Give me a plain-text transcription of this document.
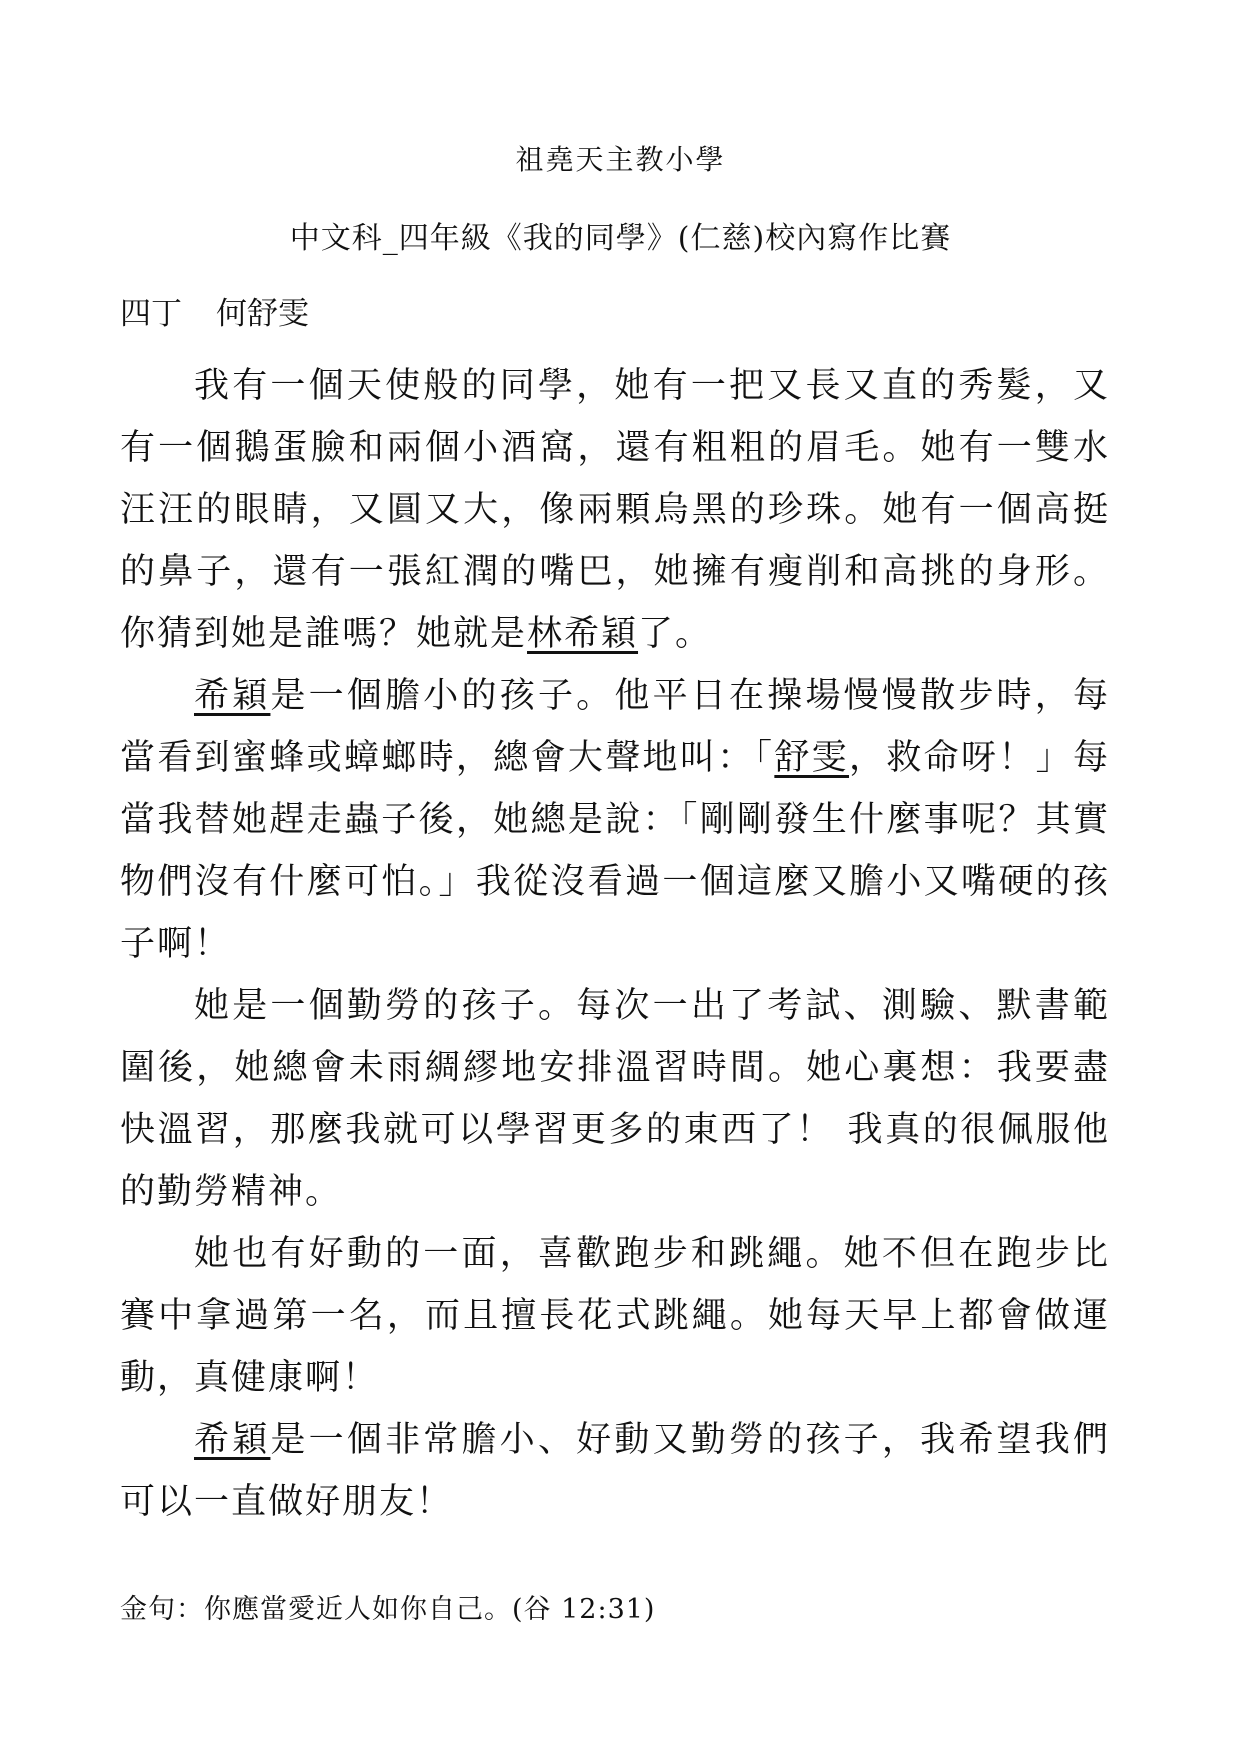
祖堯天主教小學
中文科_四年級《我的同學》(仁慈)校內寫作比賽
四丁 何舒雯

我有一個天使般的同學，她有一把又長又直的秀髮，又有一個鵝蛋臉和兩個小酒窩，還有粗粗的眉毛。她有一雙水汪汪的眼睛，又圓又大，像兩顆烏黑的珍珠。她有一個高挺的鼻子，還有一張紅潤的嘴巴，她擁有瘦削和高挑的身形。你猜到她是誰嗎？她就是林希穎了。

希穎是一個膽小的孩子。他平日在操場慢慢散步時，每當看到蜜蜂或蟑螂時，總會大聲地叫：「舒雯，救命呀！」每當我替她趕走蟲子後，她總是說：「剛剛發生什麼事呢？其實物們沒有什麼可怕。」我從沒看過一個這麼又膽小又嘴硬的孩子啊！

她是一個勤勞的孩子。每次一出了考試、測驗、默書範圍後，她總會未雨綢繆地安排溫習時間。她心裏想：我要盡快溫習，那麼我就可以學習更多的東西了！ 我真的很佩服他的勤勞精神。

她也有好動的一面，喜歡跑步和跳繩。她不但在跑步比賽中拿過第一名，而且擅長花式跳繩。她每天早上都會做運動，真健康啊！

希穎是一個非常膽小、好動又勤勞的孩子，我希望我們可以一直做好朋友！

金句：你應當愛近人如你自己。(谷 12:31)
